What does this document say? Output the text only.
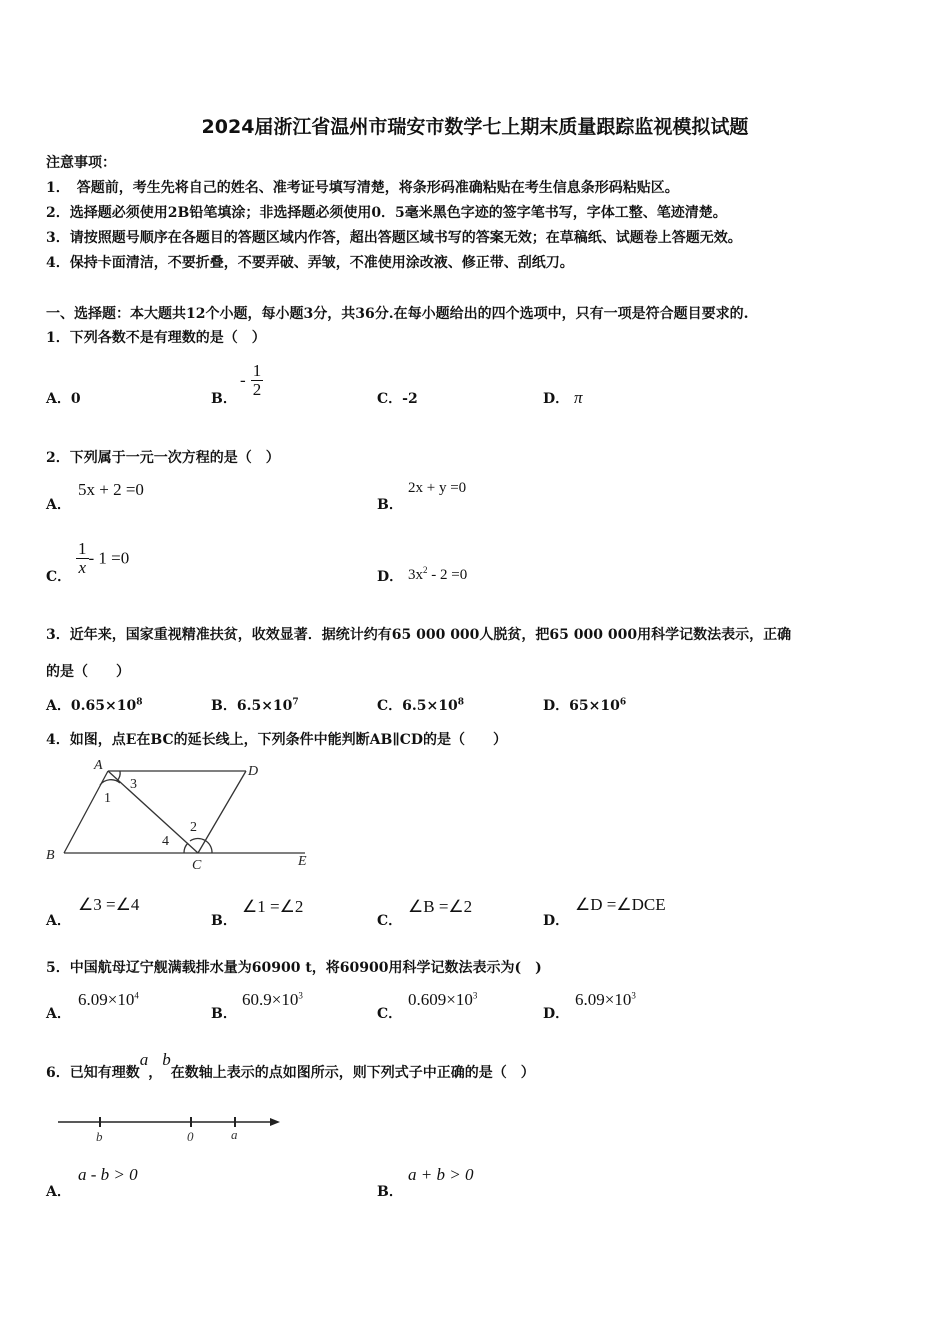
2024届浙江省温州市瑞安市数学七上期末质量跟踪监视模拟试题
注意事项：
1．　答题前，考生先将自己的姓名、准考证号填写清楚，将条形码准确粘贴在考生信息条形码粘贴区。
2．选择题必须使用2B铅笔填涂；非选择题必须使用0．5毫米黑色字迹的签字笔书写，字体工整、笔迹清楚。
3．请按照题号顺序在各题目的答题区域内作答，超出答题区域书写的答案无效；在草稿纸、试题卷上答题无效。
4．保持卡面清洁，不要折叠，不要弄破、弄皱，不准使用涂改液、修正带、刮纸刀。
一、选择题：本大题共12个小题，每小题3分，共36分.在每小题给出的四个选项中，只有一项是符合题目要求的.
1．下列各数不是有理数的是（　）
A．0	B．
- $\frac{1}{2}$	C．-2	D． π
2．下列属于一元一次方程的是（　）
A．
5x + 2 =0
B．
2x + y =0
C． $\frac{1}{x} - 1 =0$
D． $3x^2 - 2 =0$
3．近年来，国家重视精准扶贫，收效显著．据统计约有65 000 000人脱贫，把65 000 000用科学记数法表示，正确
的是（　　）
A．$0.65\times 10^8$	B．$6.5\times 10^7$	C．$6.5\times 10^8$	D．$65\times 10^6$
4．如图，点E在BC的延长线上，下列条件中能判断AB∥CD的是（　　）
A	D
B
C	E
1
2
3
4
A．
∠3 =∠4
B．
∠1 =∠2
C．
∠B =∠2
D．
∠D =∠DCE
5．中国航母辽宁舰满载排水量为60900 t，将60900用科学记数法表示为(　)
A．
$6.09\times 10^4$
B．
$60.9\times 10^3$
C．
$0.609\times 10^3$
D．
$6.09\times 10^3$
6．已知有理数a，b在数轴上表示的点如图所示，则下列式子中正确的是（　）
b	0	a
A．
a - b > 0
B．
a + b > 0
